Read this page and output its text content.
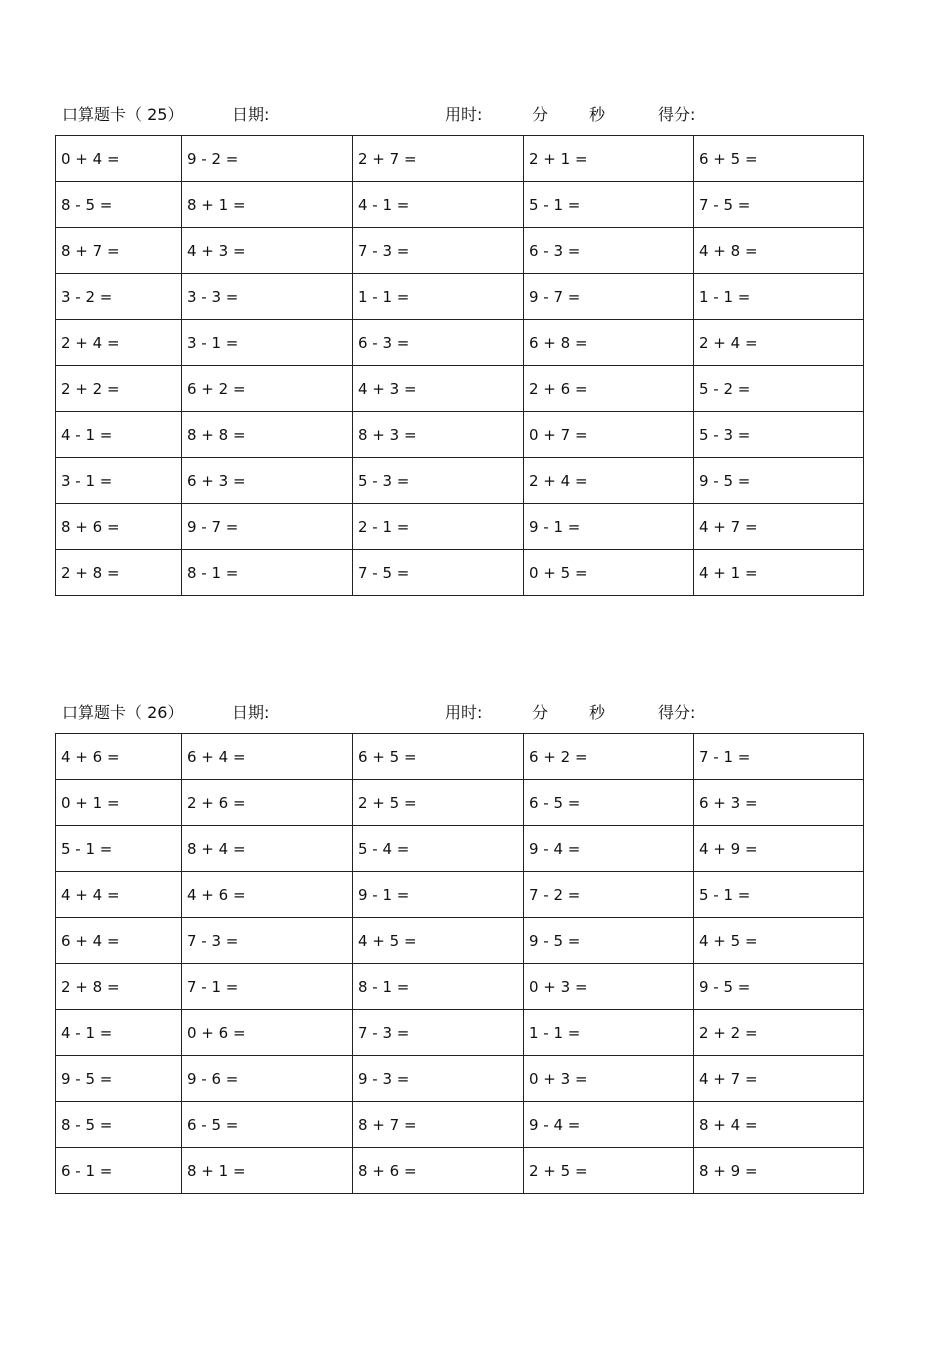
口算题卡（ 25）	日期:	用时:	分	秒	得分:
0 + 4 =	9 - 2 =	2 + 7 =	2 + 1 =	6 + 5 =
8 - 5 =	8 + 1 =	4 - 1 =	5 - 1 =	7 - 5 =
8 + 7 =	4 + 3 =	7 - 3 =	6 - 3 =	4 + 8 =
3 - 2 =	3 - 3 =	1 - 1 =	9 - 7 =	1 - 1 =
2 + 4 =	3 - 1 =	6 - 3 =	6 + 8 =	2 + 4 =
2 + 2 =	6 + 2 =	4 + 3 =	2 + 6 =	5 - 2 =
4 - 1 =	8 + 8 =	8 + 3 =	0 + 7 =	5 - 3 =
3 - 1 =	6 + 3 =	5 - 3 =	2 + 4 =	9 - 5 =
8 + 6 =	9 - 7 =	2 - 1 =	9 - 1 =	4 + 7 =
2 + 8 =	8 - 1 =	7 - 5 =	0 + 5 =	4 + 1 =
口算题卡（ 26）	日期:	用时:	分	秒	得分:
4 + 6 =	6 + 4 =	6 + 5 =	6 + 2 =	7 - 1 =
0 + 1 =	2 + 6 =	2 + 5 =	6 - 5 =	6 + 3 =
5 - 1 =	8 + 4 =	5 - 4 =	9 - 4 =	4 + 9 =
4 + 4 =	4 + 6 =	9 - 1 =	7 - 2 =	5 - 1 =
6 + 4 =	7 - 3 =	4 + 5 =	9 - 5 =	4 + 5 =
2 + 8 =	7 - 1 =	8 - 1 =	0 + 3 =	9 - 5 =
4 - 1 =	0 + 6 =	7 - 3 =	1 - 1 =	2 + 2 =
9 - 5 =	9 - 6 =	9 - 3 =	0 + 3 =	4 + 7 =
8 - 5 =	6 - 5 =	8 + 7 =	9 - 4 =	8 + 4 =
6 - 1 =	8 + 1 =	8 + 6 =	2 + 5 =	8 + 9 =
